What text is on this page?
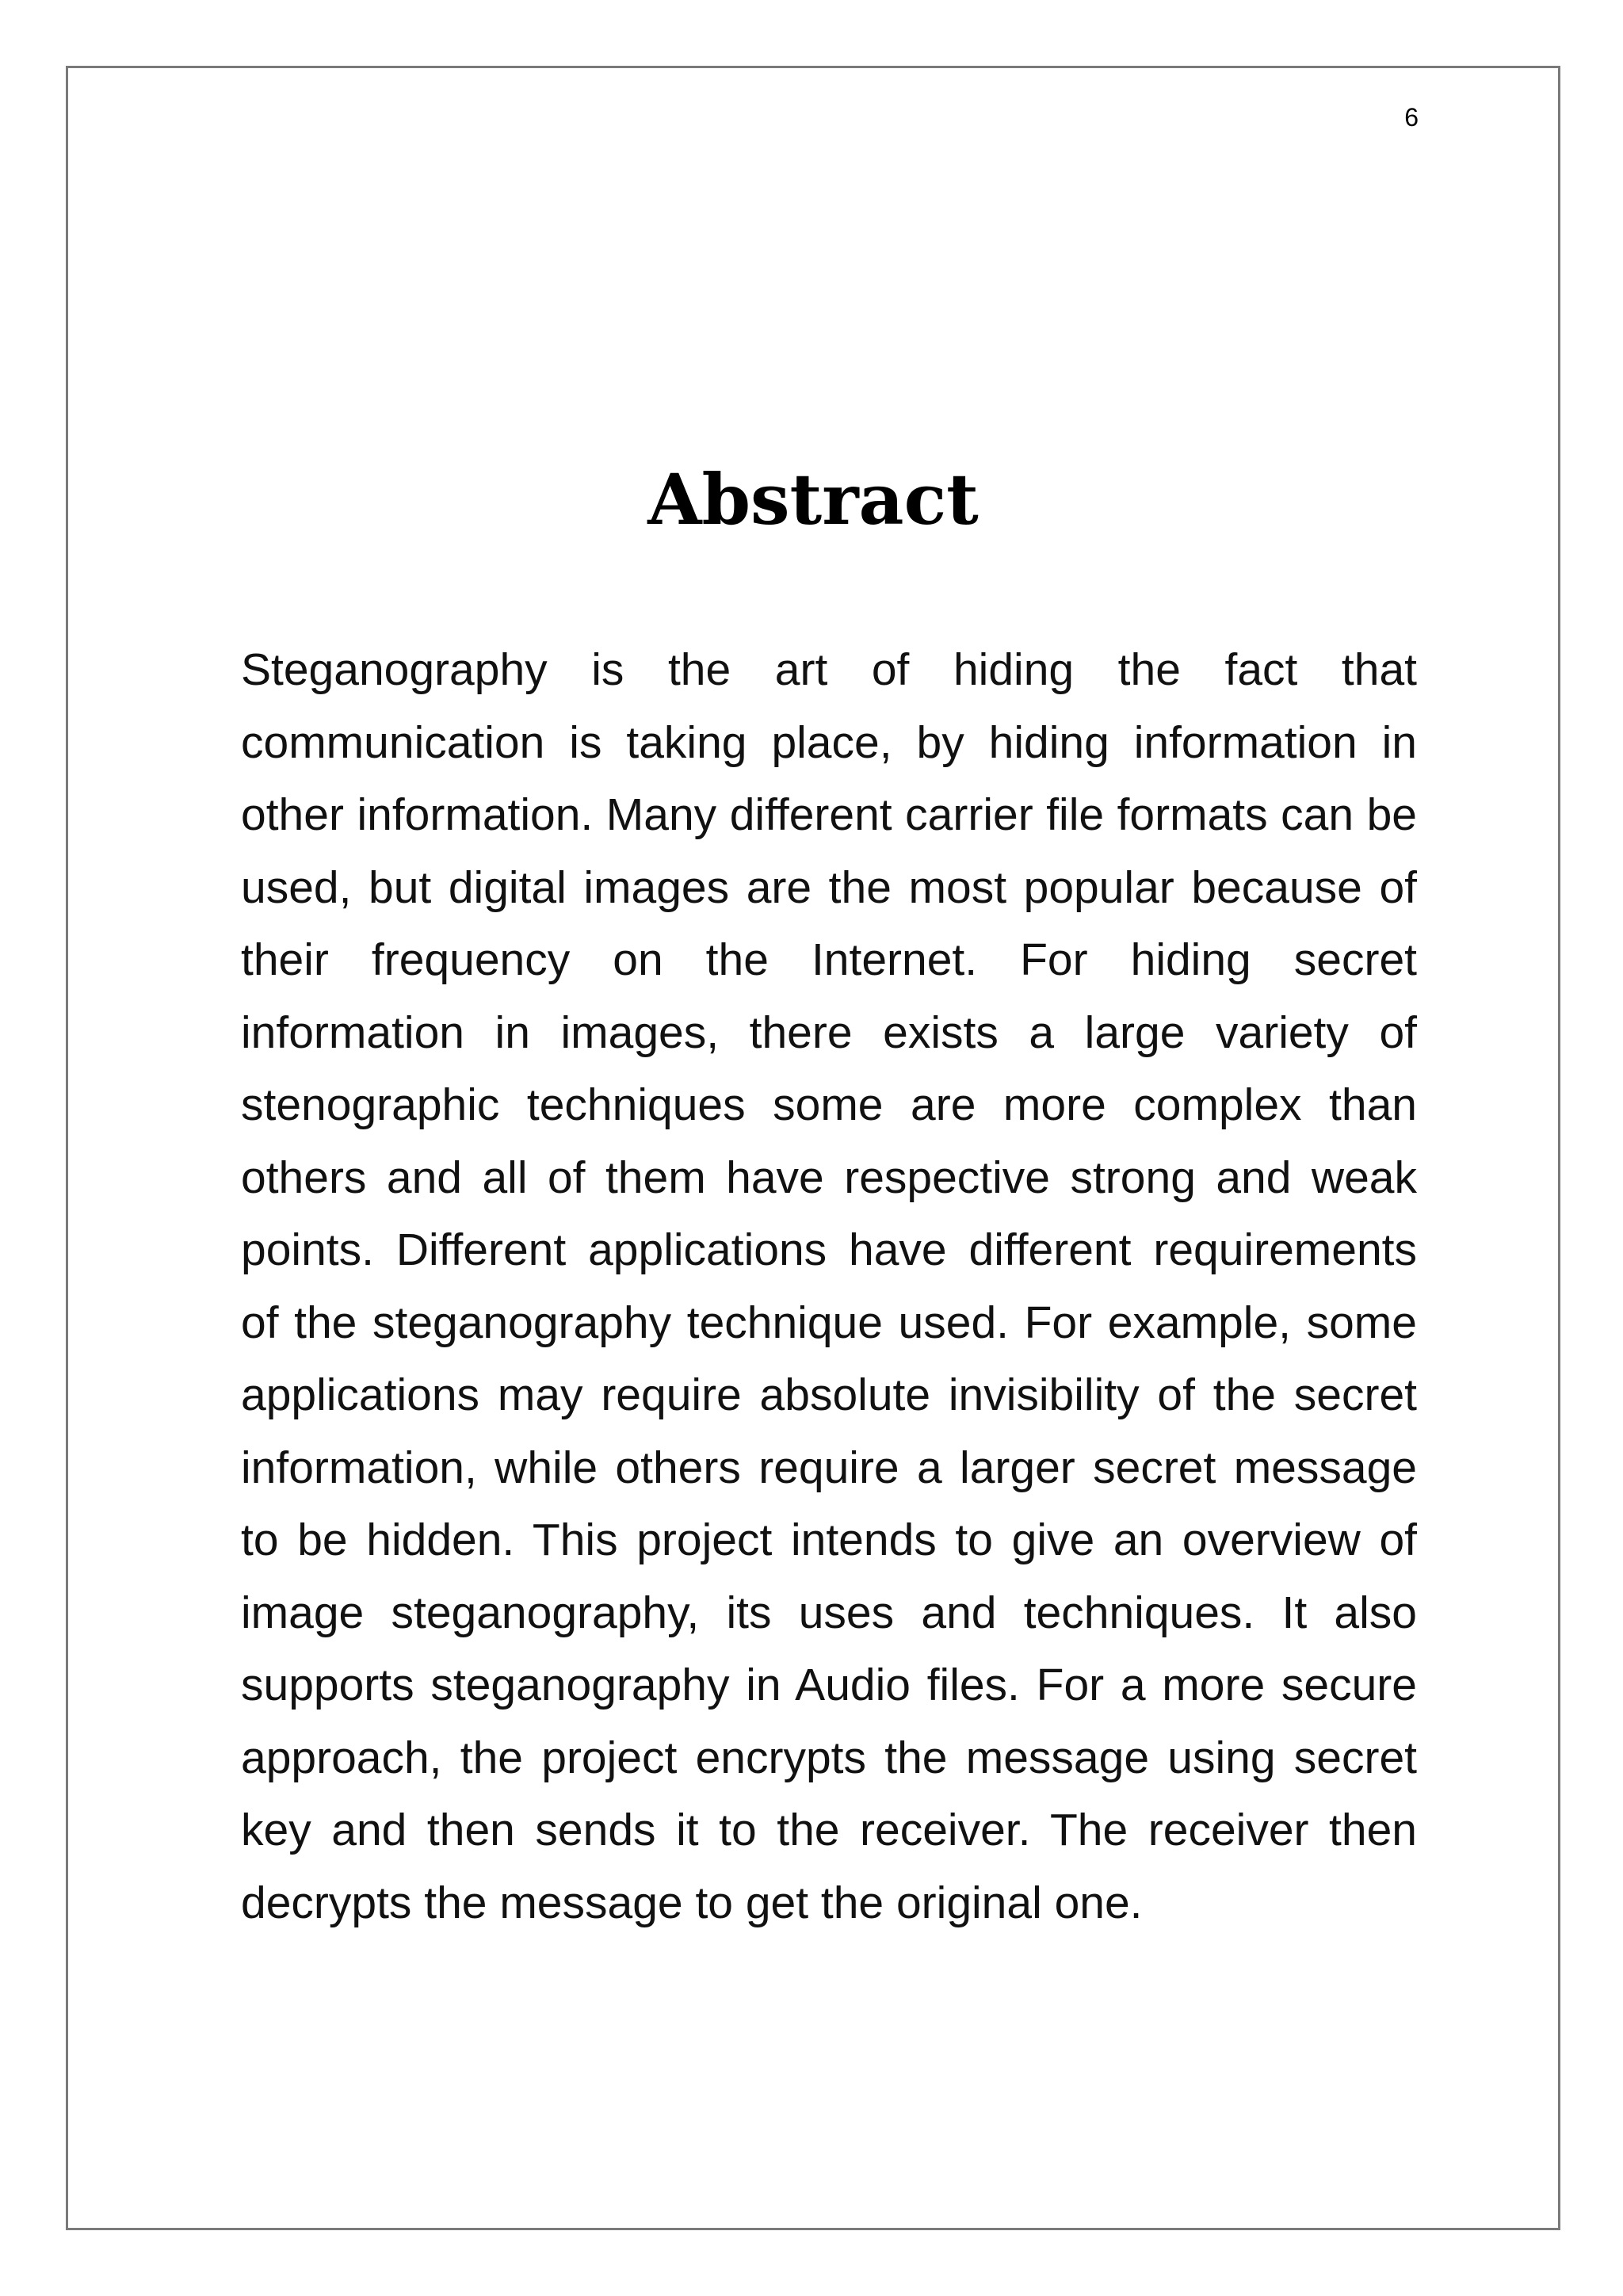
6
Abstract

Steganography is the art of hiding the fact that communication is taking place, by hiding information in other information. Many different carrier file formats can be used, but digital images are the most popular because of their frequency on the Internet. For hiding secret information in images, there exists a large variety of stenographic techniques some are more complex than others and all of them have respective strong and weak points. Different applications have different requirements of the steganography technique used. For example, some applications may require absolute invisibility of the secret information, while others require a larger secret message to be hidden. This project intends to give an overview of image steganography, its uses and techniques. It also supports steganography in Audio files. For a more secure approach, the project encrypts the message using secret key and then sends it to the receiver. The receiver then decrypts the message to get the original one.
